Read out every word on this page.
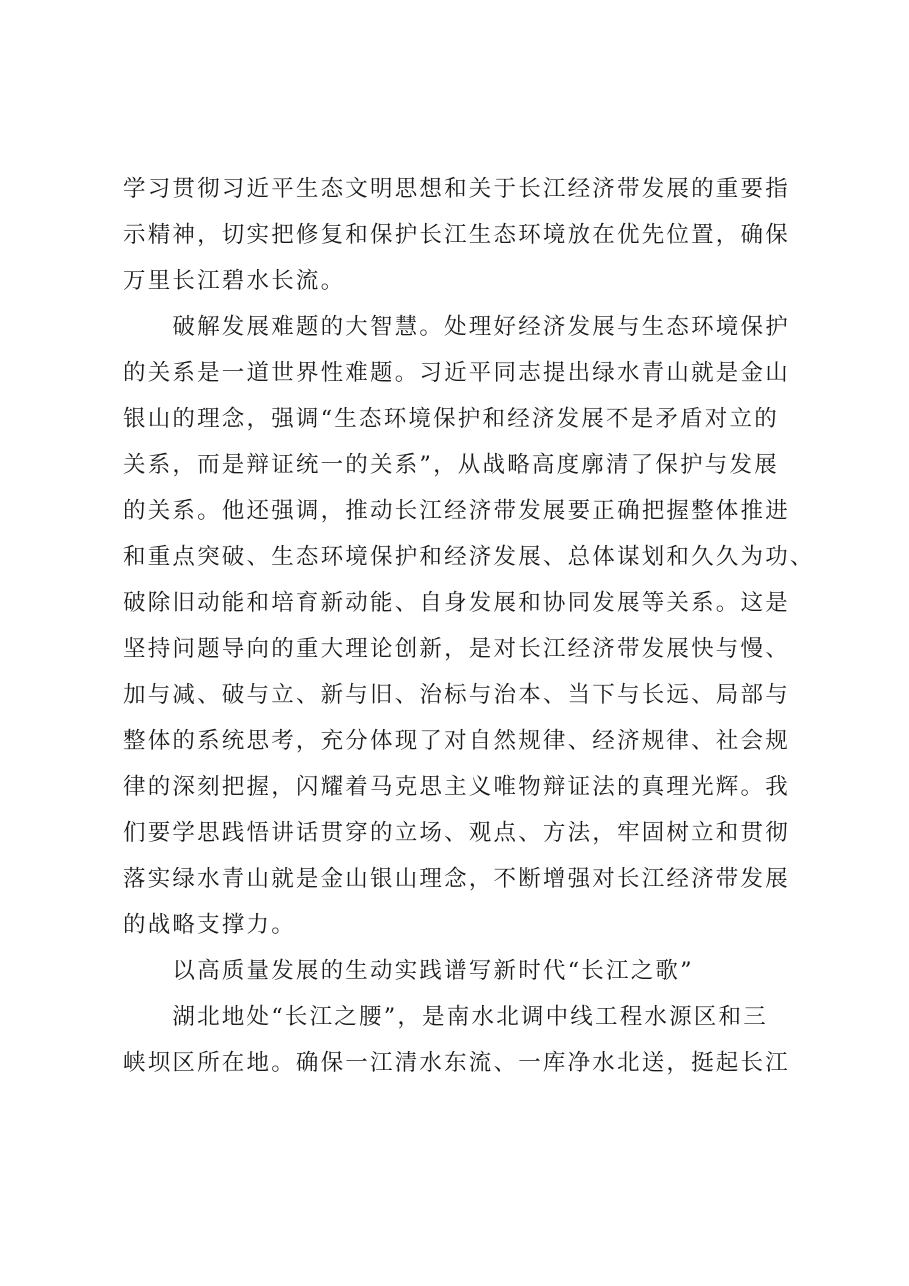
学习贯彻习近平生态文明思想和关于长江经济带发展的重要指
示精神，切实把修复和保护长江生态环境放在优先位置，确保
万里长江碧水长流。

　　破解发展难题的大智慧。处理好经济发展与生态环境保护
的关系是一道世界性难题。习近平同志提出绿水青山就是金山
银山的理念，强调“生态环境保护和经济发展不是矛盾对立的
关系，而是辩证统一的关系”，从战略高度廓清了保护与发展
的关系。他还强调，推动长江经济带发展要正确把握整体推进
和重点突破、生态环境保护和经济发展、总体谋划和久久为功、
破除旧动能和培育新动能、自身发展和协同发展等关系。这是
坚持问题导向的重大理论创新，是对长江经济带发展快与慢、
加与减、破与立、新与旧、治标与治本、当下与长远、局部与
整体的系统思考，充分体现了对自然规律、经济规律、社会规
律的深刻把握，闪耀着马克思主义唯物辩证法的真理光辉。我
们要学思践悟讲话贯穿的立场、观点、方法，牢固树立和贯彻
落实绿水青山就是金山银山理念，不断增强对长江经济带发展
的战略支撑力。

　　以高质量发展的生动实践谱写新时代“长江之歌”

　　湖北地处“长江之腰”，是南水北调中线工程水源区和三
峡坝区所在地。确保一江清水东流、一库净水北送，挺起长江
